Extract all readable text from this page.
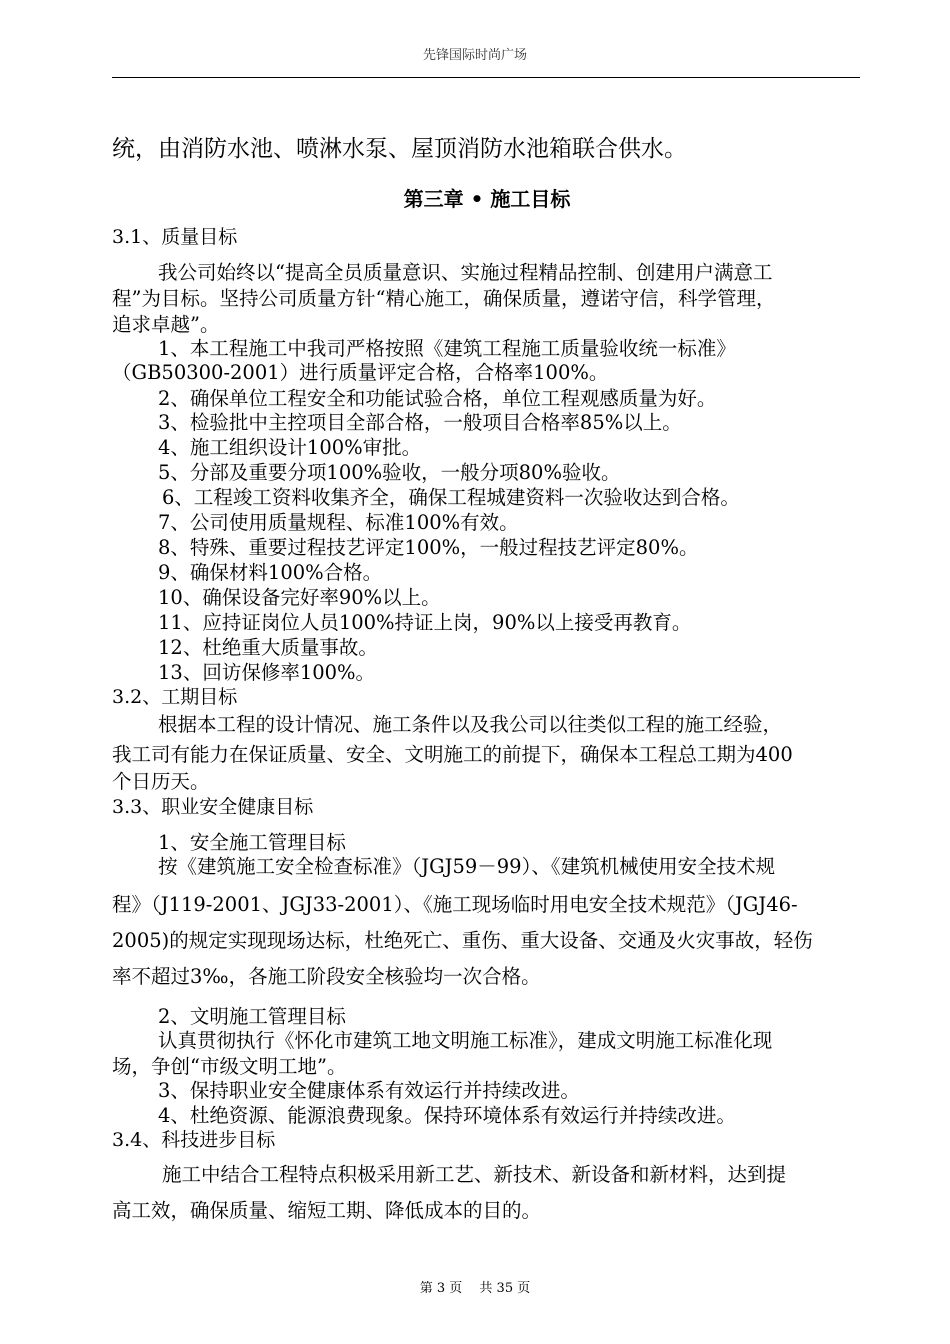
先锋国际时尚广场
统，由消防水池、喷淋水泵、屋顶消防水池箱联合供水。
第三章 • 施工目标
3.1、质量目标
我公司始终以“提高全员质量意识、实施过程精品控制、创建用户满意工
程”为目标。坚持公司质量方针“精心施工，确保质量，遵诺守信，科学管理，
追求卓越”。
1、本工程施工中我司严格按照《建筑工程施工质量验收统一标准》
（GB50300-2001）进行质量评定合格，合格率100%。
2、确保单位工程安全和功能试验合格，单位工程观感质量为好。
3、检验批中主控项目全部合格，一般项目合格率85%以上。
4、施工组织设计100%审批。
5、分部及重要分项100%验收，一般分项80%验收。
6、工程竣工资料收集齐全，确保工程城建资料一次验收达到合格。
7、公司使用质量规程、标准100%有效。
8、特殊、重要过程技艺评定100%，一般过程技艺评定80%。
9、确保材料100%合格。
10、确保设备完好率90%以上。
11、应持证岗位人员100%持证上岗，90%以上接受再教育。
12、杜绝重大质量事故。
13、回访保修率100%。
3.2、工期目标
根据本工程的设计情况、施工条件以及我公司以往类似工程的施工经验，
我工司有能力在保证质量、安全、文明施工的前提下，确保本工程总工期为400
个日历天。
3.3、职业安全健康目标
1、安全施工管理目标
按《建筑施工安全检查标准》（JGJ59－99）、《建筑机械使用安全技术规
程》（J119-2001、JGJ33-2001）、《施工现场临时用电安全技术规范》（JGJ46-
2005)的规定实现现场达标，杜绝死亡、重伤、重大设备、交通及火灾事故，轻伤
率不超过3‰，各施工阶段安全核验均一次合格。
2、文明施工管理目标
认真贯彻执行《怀化市建筑工地文明施工标准》，建成文明施工标准化现
场，争创“市级文明工地”。
3、保持职业安全健康体系有效运行并持续改进。
4、杜绝资源、能源浪费现象。保持环境体系有效运行并持续改进。
3.4、科技进步目标
施工中结合工程特点积极采用新工艺、新技术、新设备和新材料，达到提
高工效，确保质量、缩短工期、降低成本的目的。
第 3 页　 共 35 页
